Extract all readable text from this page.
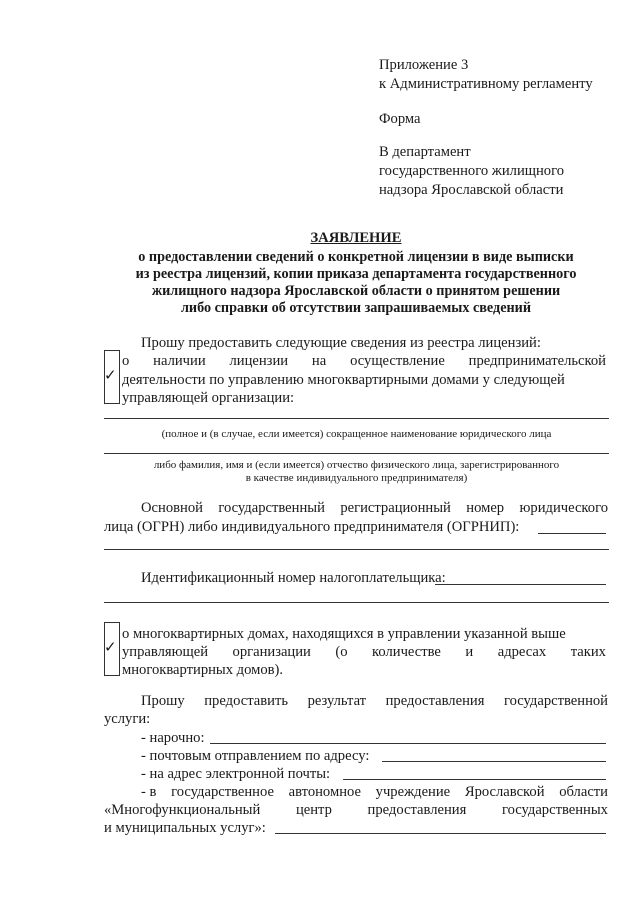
Приложение 3
к Административному регламенту
Форма
В департамент
государственного жилищного
надзора Ярославской области
ЗАЯВЛЕНИЕ
о предоставлении сведений о конкретной лицензии в виде выписки
из реестра лицензий, копии приказа департамента государственного
жилищного надзора Ярославской области о принятом решении
либо справки об отсутствии запрашиваемых сведений
Прошу предоставить следующие сведения из реестра лицензий:
✓
о наличии лицензии на осуществление предпринимательской
деятельности по управлению многоквартирными домами у следующей
управляющей организации:
(полное и (в случае, если имеется) сокращенное наименование юридического лица
либо фамилия, имя и (если имеется) отчество физического лица, зарегистрированного
в качестве индивидуального предпринимателя)
Основной государственный регистрационный номер юридического
лица (ОГРН) либо индивидуального предпринимателя (ОГРНИП):
Идентификационный номер налогоплательщика:
✓
о многоквартирных домах, находящихся в управлении указанной выше
управляющей организации (о количестве и адресах таких
многоквартирных домов).
Прошу предоставить результат предоставления государственной
услуги:
- нарочно:
- почтовым отправлением по адресу:
- на адрес электронной почты:
- в государственное автономное учреждение Ярославской области
«Многофункциональный центр предоставления государственных
и муниципальных услуг»:
